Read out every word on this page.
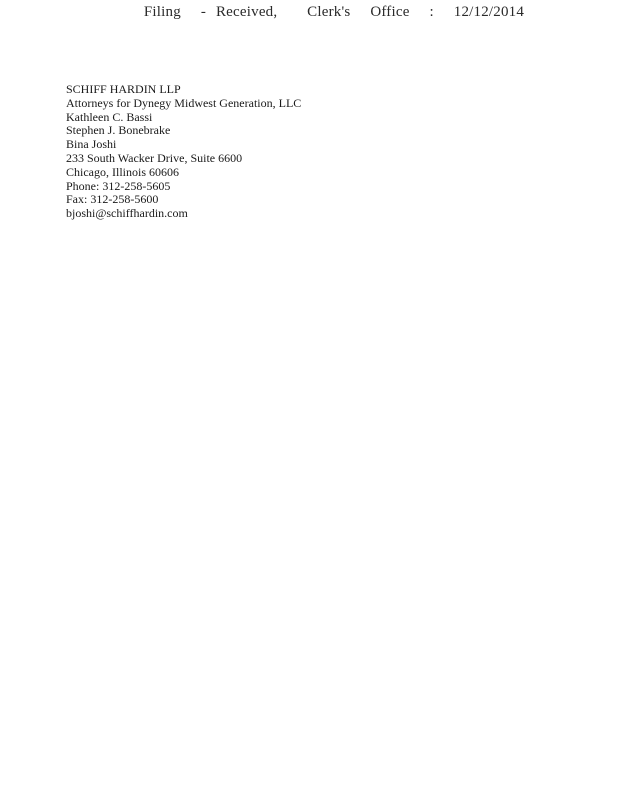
Filing  - Received,   Clerk's  Office  :  12/12/2014
SCHIFF HARDIN LLP
Attorneys for Dynegy Midwest Generation, LLC
Kathleen C. Bassi
Stephen J. Bonebrake
Bina Joshi
233 South Wacker Drive, Suite 6600
Chicago, Illinois 60606
Phone: 312-258-5605
Fax: 312-258-5600
bjoshi@schiffhardin.com
